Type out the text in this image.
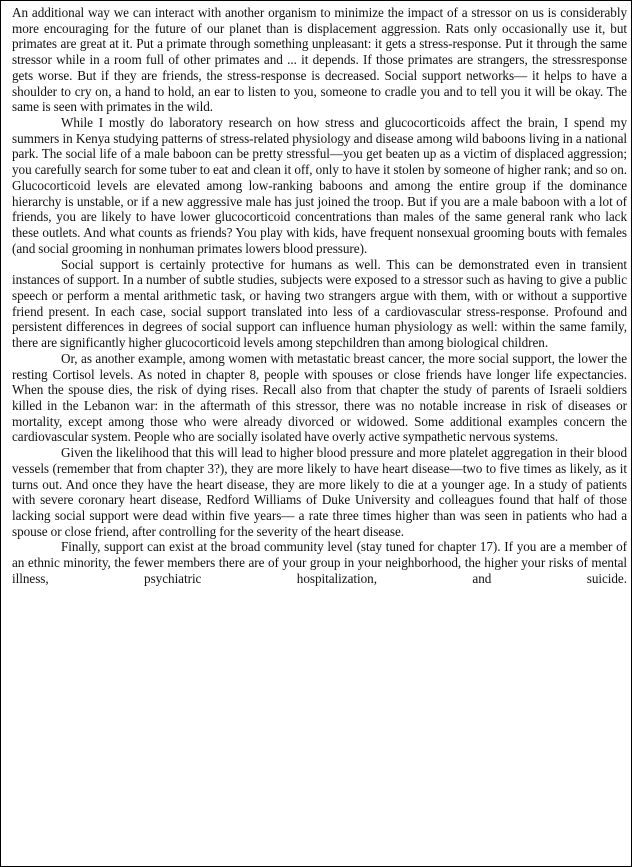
An additional way we can interact with another organism to minimize the impact of a stressor on us is considerably more encouraging for the future of our planet than is displacement aggression. Rats only occasionally use it, but primates are great at it. Put a primate through something unpleasant: it gets a stress-response. Put it through the same stressor while in a room full of other primates and ... it depends. If those primates are strangers, the stressresponse gets worse. But if they are friends, the stress-response is decreased. Social support networks— it helps to have a shoulder to cry on, a hand to hold, an ear to listen to you, someone to cradle you and to tell you it will be okay. The same is seen with primates in the wild.

While I mostly do laboratory research on how stress and glucocorticoids affect the brain, I spend my summers in Kenya studying patterns of stress-related physiology and disease among wild baboons living in a national park. The social life of a male baboon can be pretty stressful—you get beaten up as a victim of displaced aggression; you carefully search for some tuber to eat and clean it off, only to have it stolen by someone of higher rank; and so on. Glucocorticoid levels are elevated among low-ranking baboons and among the entire group if the dominance hierarchy is unstable, or if a new aggressive male has just joined the troop. But if you are a male baboon with a lot of friends, you are likely to have lower glucocorticoid concentrations than males of the same general rank who lack these outlets. And what counts as friends? You play with kids, have frequent nonsexual grooming bouts with females (and social grooming in nonhuman primates lowers blood pressure).

Social support is certainly protective for humans as well. This can be demonstrated even in transient instances of support. In a number of subtle studies, subjects were exposed to a stressor such as having to give a public speech or perform a mental arithmetic task, or having two strangers argue with them, with or without a supportive friend present. In each case, social support translated into less of a cardiovascular stress-response. Profound and persistent differences in degrees of social support can influence human physiology as well: within the same family, there are significantly higher glucocorticoid levels among stepchildren than among biological children.

Or, as another example, among women with metastatic breast cancer, the more social support, the lower the resting Cortisol levels. As noted in chapter 8, people with spouses or close friends have longer life expectancies. When the spouse dies, the risk of dying rises. Recall also from that chapter the study of parents of Israeli soldiers killed in the Lebanon war: in the aftermath of this stressor, there was no notable increase in risk of diseases or mortality, except among those who were already divorced or widowed. Some additional examples concern the cardiovascular system. People who are socially isolated have overly active sympathetic nervous systems.

Given the likelihood that this will lead to higher blood pressure and more platelet aggregation in their blood vessels (remember that from chapter 3?), they are more likely to have heart disease—two to five times as likely, as it turns out. And once they have the heart disease, they are more likely to die at a younger age. In a study of patients with severe coronary heart disease, Redford Williams of Duke University and colleagues found that half of those lacking social support were dead within five years— a rate three times higher than was seen in patients who had a spouse or close friend, after controlling for the severity of the heart disease.

Finally, support can exist at the broad community level (stay tuned for chapter 17). If you are a member of an ethnic minority, the fewer members there are of your group in your neighborhood, the higher your risks of mental illness, psychiatric hospitalization, and suicide.
